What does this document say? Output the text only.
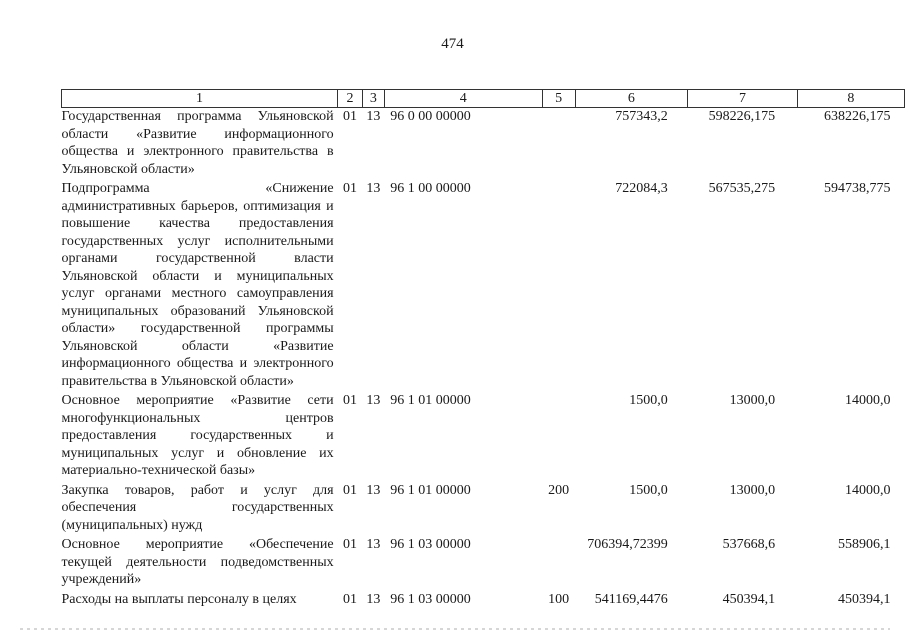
474
1	2	3	4	5	6	7	8
Государственная программа Ульяновской области «Развитие информационного общества и электронного правительства в Ульяновской области»	01	13	96 0 00 00000		757343,2	598226,175	638226,175
Подпрограмма «Снижение административных барьеров, оптимизация и повышение качества предоставления государственных услуг исполнительными органами государственной власти Ульяновской области и муниципальных услуг органами местного самоуправления муниципальных образований Ульяновской области» государственной программы Ульяновской области «Развитие информационного общества и электронного правительства в Ульяновской области»	01	13	96 1 00 00000		722084,3	567535,275	594738,775
Основное мероприятие «Развитие сети многофункциональных центров предоставления государственных и муниципальных услуг и обновление их материально-технической базы»	01	13	96 1 01 00000		1500,0	13000,0	14000,0
Закупка товаров, работ и услуг для обеспечения государственных (муниципальных) нужд	01	13	96 1 01 00000	200	1500,0	13000,0	14000,0
Основное мероприятие «Обеспечение текущей деятельности подведомственных учреждений»	01	13	96 1 03 00000		706394,72399	537668,6	558906,1
Расходы на выплаты персоналу в целях	01	13	96 1 03 00000	100	541169,4476	450394,1	450394,1
